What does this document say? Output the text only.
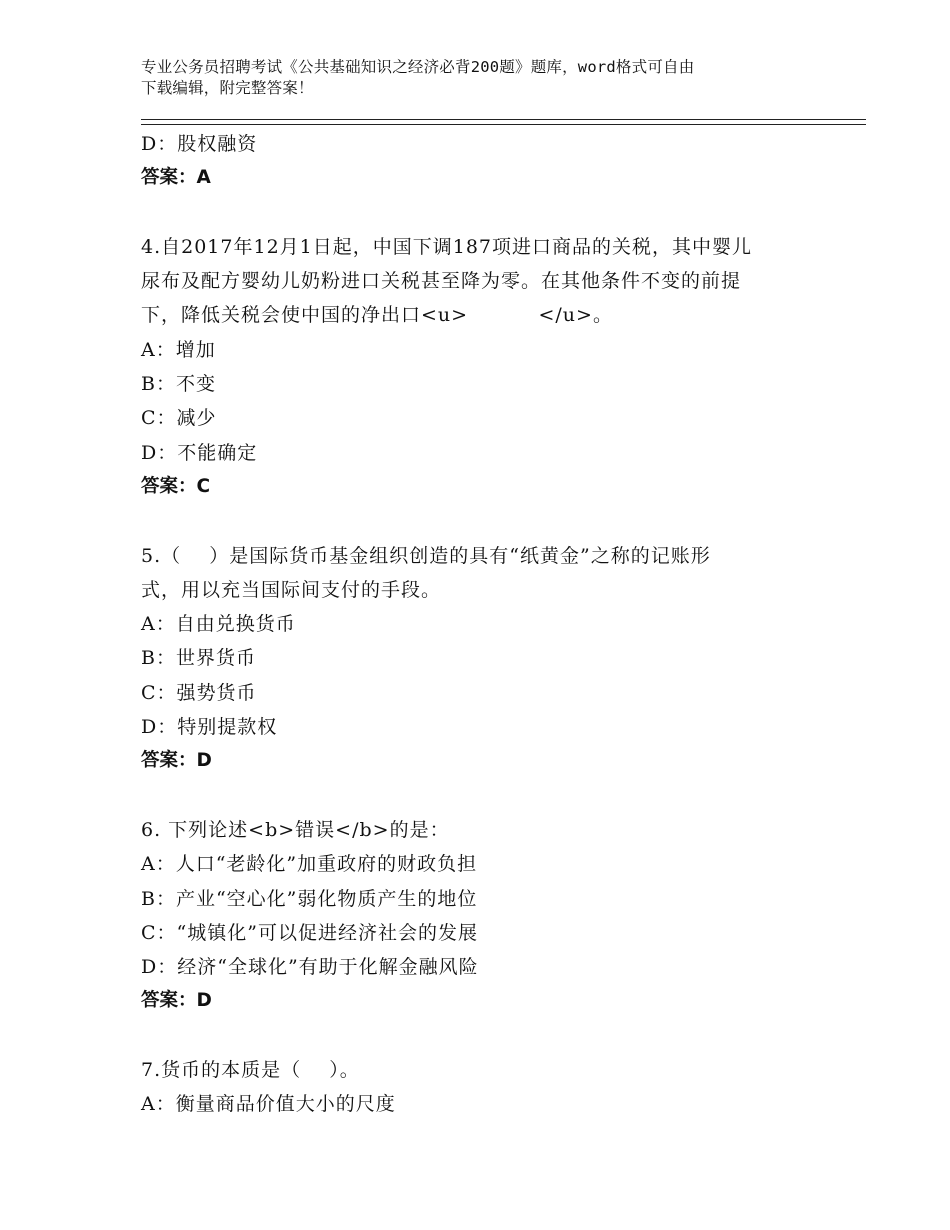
专业公务员招聘考试《公共基础知识之经济必背200题》题库，word格式可自由
下载编辑，附完整答案！
D：股权融资
答案：A
4.自2017年12月1日起，中国下调187项进口商品的关税，其中婴儿
尿布及配方婴幼儿奶粉进口关税甚至降为零。在其他条件不变的前提
下，降低关税会使中国的净出口<u>          </u>。
A：增加
B：不变
C：减少
D：不能确定
答案：C
5.（    ）是国际货币基金组织创造的具有“纸黄金”之称的记账形
式，用以充当国际间支付的手段。
A：自由兑换货币
B：世界货币
C：强势货币
D：特别提款权
答案：D
6. 下列论述<b>错误</b>的是：
A：人口“老龄化”加重政府的财政负担
B：产业“空心化”弱化物质产生的地位
C：“城镇化”可以促进经济社会的发展
D：经济“全球化”有助于化解金融风险
答案：D
7.货币的本质是（    ）。
A：衡量商品价值大小的尺度
